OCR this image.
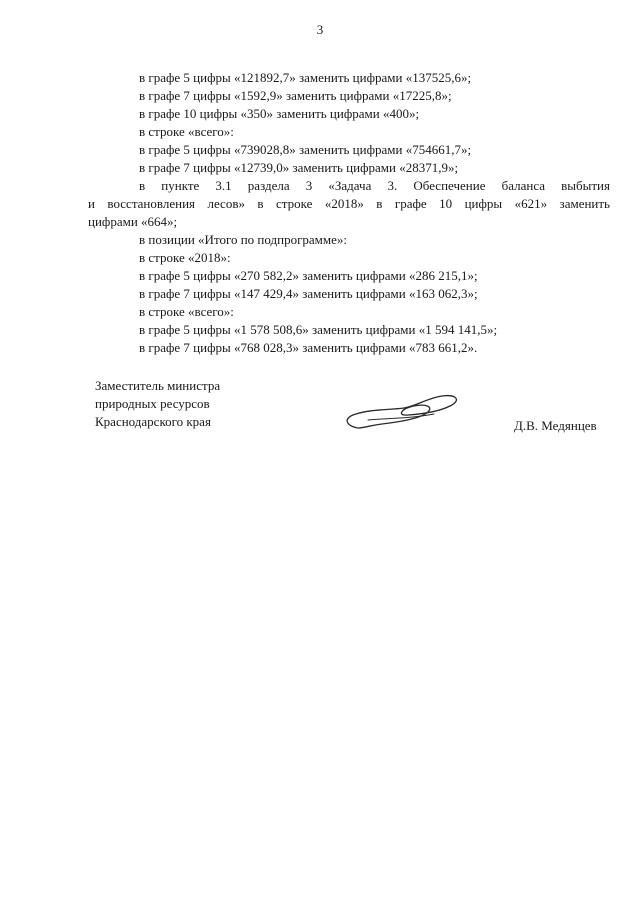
3
в графе 5 цифры «121892,7» заменить цифрами «137525,6»;
в графе 7 цифры «1592,9» заменить цифрами «17225,8»;
в графе 10 цифры «350» заменить цифрами «400»;
в строке «всего»:
в графе 5 цифры «739028,8» заменить цифрами «754661,7»;
в графе 7 цифры «12739,0» заменить цифрами «28371,9»;
в пункте 3.1 раздела 3 «Задача 3. Обеспечение баланса выбытия
и восстановления лесов» в строке «2018» в графе 10 цифры «621» заменить
цифрами «664»;
в позиции «Итого по подпрограмме»:
в строке «2018»:
в графе 5 цифры «270 582,2» заменить цифрами «286 215,1»;
в графе 7 цифры «147 429,4» заменить цифрами «163 062,3»;
в строке «всего»:
в графе 5 цифры «1 578 508,6» заменить цифрами «1 594 141,5»;
в графе 7 цифры «768 028,3» заменить цифрами «783 661,2».
Заместитель министра
природных ресурсов
Краснодарского края	Д.В. Медянцев
